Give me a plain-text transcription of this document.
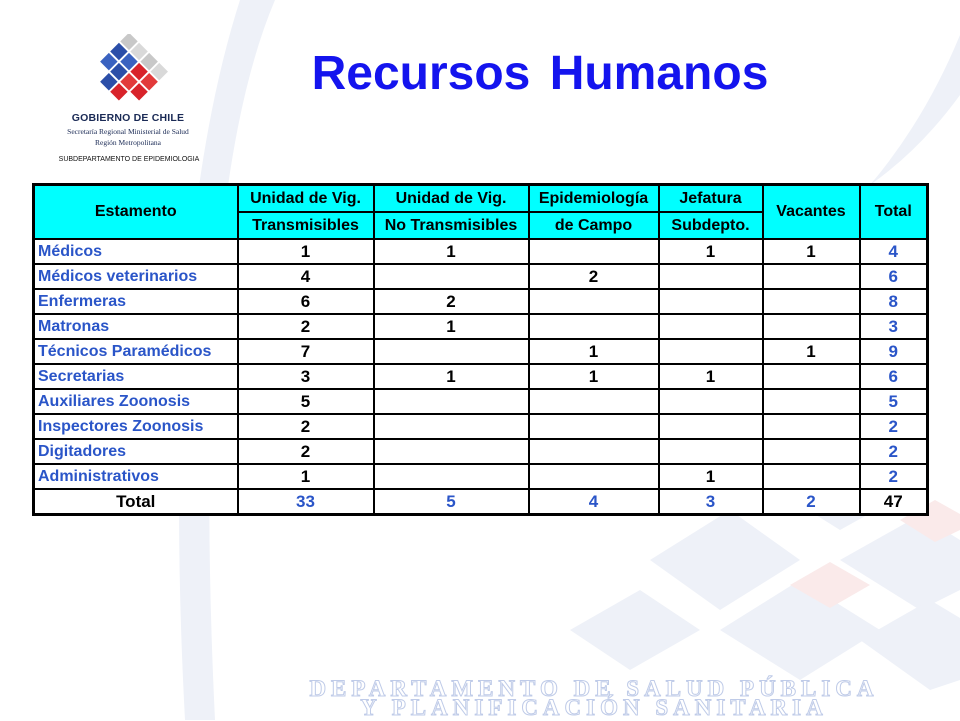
GOBIERNO DE CHILE
Secretaría Regional Ministerial de Salud
Región Metropolitana
SUBDEPARTAMENTO DE EPIDEMIOLOGIA
Recursos Humanos
Estamento	Unidad de Vig.	Unidad de Vig.	Epidemiología	Jefatura	Vacantes	Total
	Transmisibles	No Transmisibles	de Campo	Subdepto.		
Médicos	1	1		1	1	4
Médicos veterinarios	4		2			6
Enfermeras	6	2				8
Matronas	2	1				3
Técnicos Paramédicos	7		1		1	9
Secretarias	3	1	1	1		6
Auxiliares Zoonosis	5					5
Inspectores Zoonosis	2					2
Digitadores	2					2
Administrativos	1			1		2
Total	33	5	4	3	2	47
DEPARTAMENTO DE SALUD PÚBLICA
Y PLANIFICACIÓN SANITARIA
